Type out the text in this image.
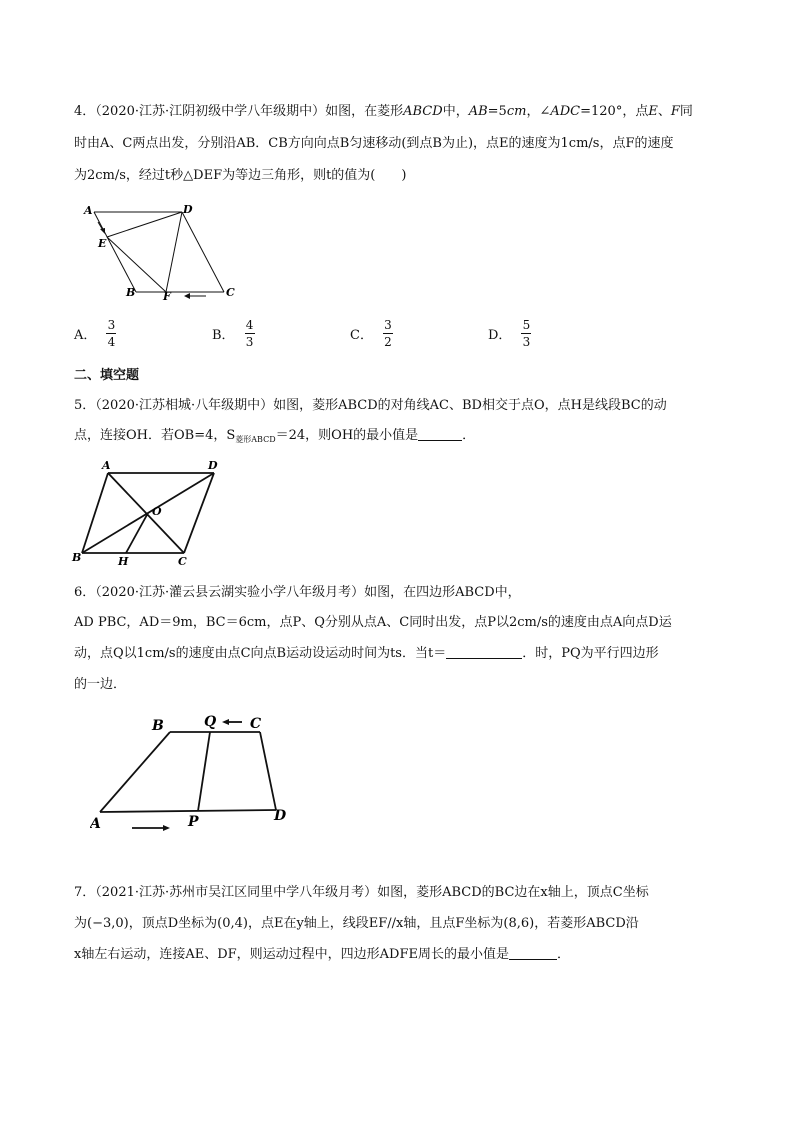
4．（2020·江苏·江阴初级中学八年级期中）如图，在菱形ABCD中，AB=5cm，∠ADC=120°，点E、F同
时由A、C两点出发，分别沿AB．CB方向向点B匀速移动(到点B为止)，点E的速度为1cm/s，点F的速度
为2cm/s，经过t秒△DEF为等边三角形，则t的值为(　　)
A	D
E
B	F	C
A． $\frac{3}{4}$	B． $\frac{4}{3}$	C． $\frac{3}{2}$	D． $\frac{5}{3}$
二、填空题
5．（2020·江苏相城·八年级期中）如图，菱形ABCD的对角线AC、BD相交于点O，点H是线段BC的动
点，连接OH．若OB=4，$S_{菱形ABCD}=24$，则OH的最小值是	．
A	D
O
B	H	C
6．（2020·江苏·灌云县云湖实验小学八年级月考）如图，在四边形ABCD中，
AD PBC，AD＝9m，BC＝6cm，点P、Q分别从点A、C同时出发，点P以2cm/s的速度由点A向点D运
动，点Q以1cm/s的速度由点C向点B运动设运动时间为ts．当t＝	．时，PQ为平行四边形
的一边．
B	Q C
A	P	D
7．（2021·江苏·苏州市吴江区同里中学八年级月考）如图，菱形ABCD的BC边在x轴上，顶点C坐标
为(−3,0)，顶点D坐标为(0,4)，点E在y轴上，线段EF//x轴，且点F坐标为(8,6)，若菱形ABCD沿
x轴左右运动，连接AE、DF，则运动过程中，四边形ADFE周长的最小值是	．
